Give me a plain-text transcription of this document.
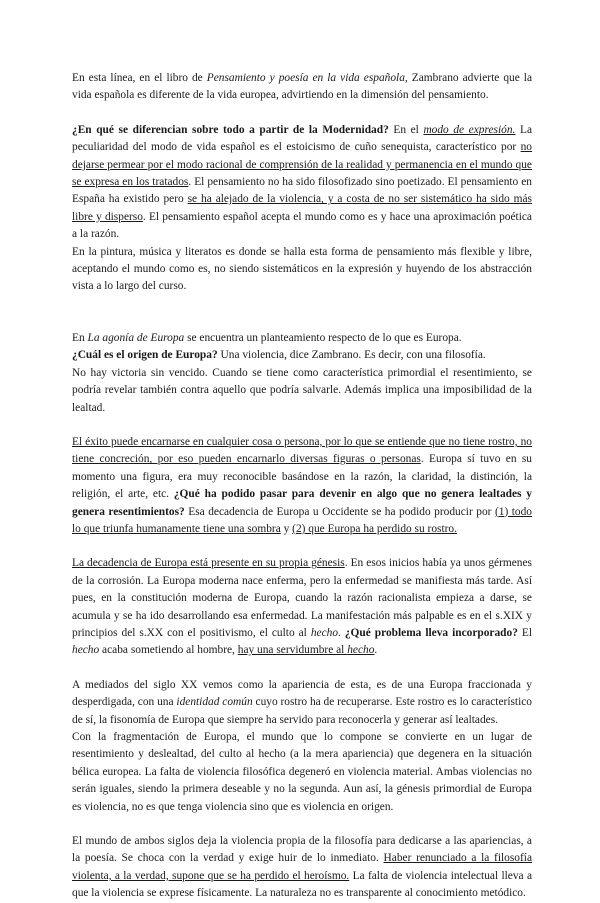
En esta línea, en el libro de Pensamiento y poesía en la vida española, Zambrano advierte que la vida española es diferente de la vida europea, advirtiendo en la dimensión del pensamiento.

¿En qué se diferencian sobre todo a partir de la Modernidad? En el modo de expresión. La peculiaridad del modo de vida español es el estoicismo de cuño senequista, característico por no dejarse permear por el modo racional de comprensión de la realidad y permanencia en el mundo que se expresa en los tratados. El pensamiento no ha sido filosofizado sino poetizado. El pensamiento en España ha existido pero se ha alejado de la violencia, y a costa de no ser sistemático ha sido más libre y disperso. El pensamiento español acepta el mundo como es y hace una aproximación poética a la razón.

En la pintura, música y literatos es donde se halla esta forma de pensamiento más flexible y libre, aceptando el mundo como es, no siendo sistemáticos en la expresión y huyendo de los abstracción vista a lo largo del curso.

En La agonía de Europa se encuentra un planteamiento respecto de lo que es Europa.

¿Cuál es el origen de Europa? Una violencia, dice Zambrano. Es decir, con una filosofía.

No hay victoria sin vencido. Cuando se tiene como característica primordial el resentimiento, se podría revelar también contra aquello que podría salvarle. Además implica una imposibilidad de la lealtad.

El éxito puede encarnarse en cualquier cosa o persona, por lo que se entiende que no tiene rostro, no tiene concreción, por eso pueden encarnarlo diversas figuras o personas. Europa sí tuvo en su momento una figura, era muy reconocible basándose en la razón, la claridad, la distinción, la religión, el arte, etc. ¿Qué ha podido pasar para devenir en algo que no genera lealtades y genera resentimientos? Esa decadencia de Europa u Occidente se ha podido producir por (1) todo lo que triunfa humanamente tiene una sombra y (2) que Europa ha perdido su rostro.

La decadencia de Europa está presente en su propia génesis. En esos inicios había ya unos gérmenes de la corrosión. La Europa moderna nace enferma, pero la enfermedad se manifiesta más tarde. Así pues, en la constitución moderna de Europa, cuando la razón racionalista empieza a darse, se acumula y se ha ido desarrollando esa enfermedad. La manifestación más palpable es en el s.XIX y principios del s.XX con el positivismo, el culto al hecho. ¿Qué problema lleva incorporado? El hecho acaba sometiendo al hombre, hay una servidumbre al hecho.

A mediados del siglo XX vemos como la apariencia de esta, es de una Europa fraccionada y desperdigada, con una identidad común cuyo rostro ha de recuperarse. Este rostro es lo característico de sí, la fisonomía de Europa que siempre ha servido para reconocerla y generar así lealtades.

Con la fragmentación de Europa, el mundo que lo compone se convierte en un lugar de resentimiento y deslealtad, del culto al hecho (a la mera apariencia) que degenera en la situación bélica europea. La falta de violencia filosófica degeneró en violencia material. Ambas violencias no serán iguales, siendo la primera deseable y no la segunda. Aun así, la génesis primordial de Europa es violencia, no es que tenga violencia sino que es violencia en origen.

El mundo de ambos siglos deja la violencia propia de la filosofía para dedicarse a las apariencias, a la poesía. Se choca con la verdad y exige huir de lo inmediato. Haber renunciado a la filosofía violenta, a la verdad, supone que se ha perdido el heroísmo. La falta de violencia intelectual lleva a que la violencia se exprese físicamente. La naturaleza no es transparente al conocimiento metódico.
